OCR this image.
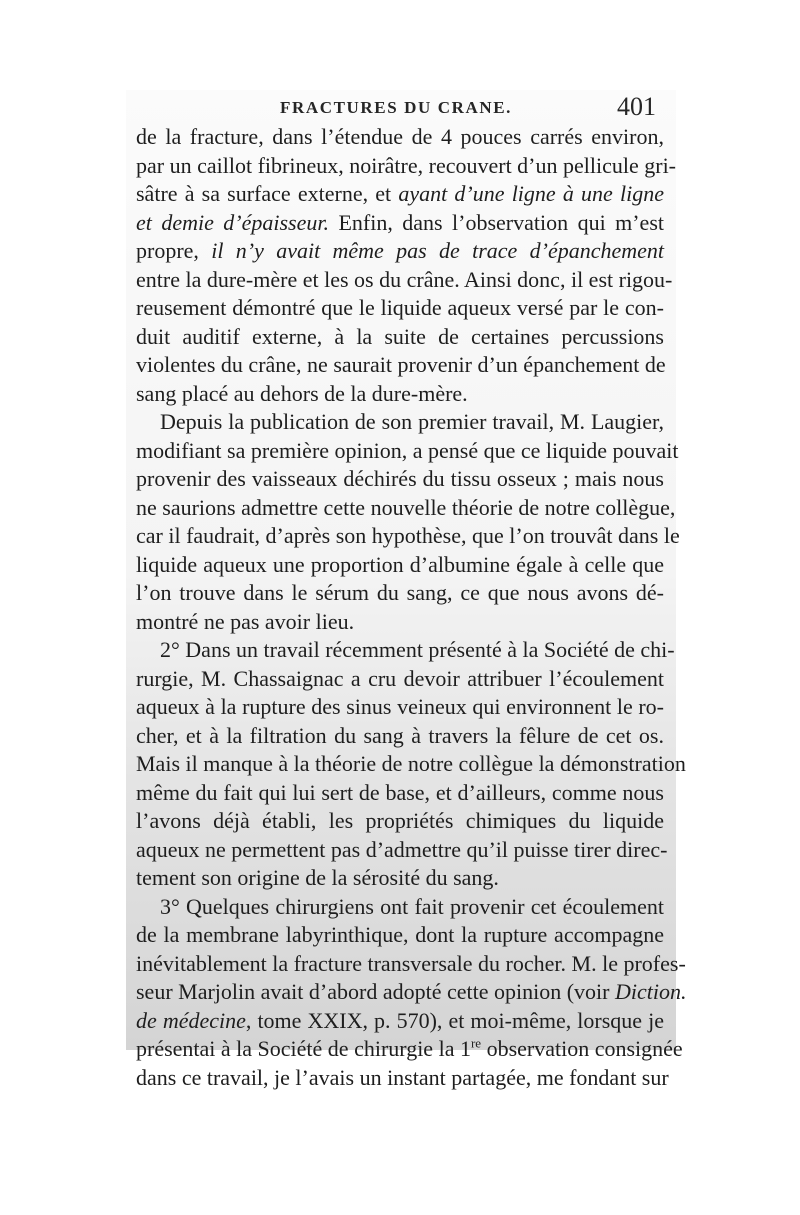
FRACTURES DU CRANE.	401
de la fracture, dans l’étendue de 4 pouces carrés environ,
par un caillot fibrineux, noirâtre, recouvert d’un pellicule gri-
sâtre à sa surface externe, et ayant d’une ligne à une ligne
et demie d’épaisseur. Enfin, dans l’observation qui m’est
propre, il n’y avait même pas de trace d’épanchement
entre la dure-mère et les os du crâne. Ainsi donc, il est rigou-
reusement démontré que le liquide aqueux versé par le con-
duit auditif externe, à la suite de certaines percussions
violentes du crâne, ne saurait provenir d’un épanchement de
sang placé au dehors de la dure-mère.
Depuis la publication de son premier travail, M. Laugier,
modifiant sa première opinion, a pensé que ce liquide pouvait
provenir des vaisseaux déchirés du tissu osseux ; mais nous
ne saurions admettre cette nouvelle théorie de notre collègue,
car il faudrait, d’après son hypothèse, que l’on trouvât dans le
liquide aqueux une proportion d’albumine égale à celle que
l’on trouve dans le sérum du sang, ce que nous avons dé-
montré ne pas avoir lieu.
2° Dans un travail récemment présenté à la Société de chi-
rurgie, M. Chassaignac a cru devoir attribuer l’écoulement
aqueux à la rupture des sinus veineux qui environnent le ro-
cher, et à la filtration du sang à travers la fêlure de cet os.
Mais il manque à la théorie de notre collègue la démonstration
même du fait qui lui sert de base, et d’ailleurs, comme nous
l’avons déjà établi, les propriétés chimiques du liquide
aqueux ne permettent pas d’admettre qu’il puisse tirer direc-
tement son origine de la sérosité du sang.
3° Quelques chirurgiens ont fait provenir cet écoulement
de la membrane labyrinthique, dont la rupture accompagne
inévitablement la fracture transversale du rocher. M. le profes-
seur Marjolin avait d’abord adopté cette opinion (voir Diction.
de médecine, tome XXIX, p. 570), et moi-même, lorsque je
présentai à la Société de chirurgie la 1re observation consignée
dans ce travail, je l’avais un instant partagée, me fondant sur
